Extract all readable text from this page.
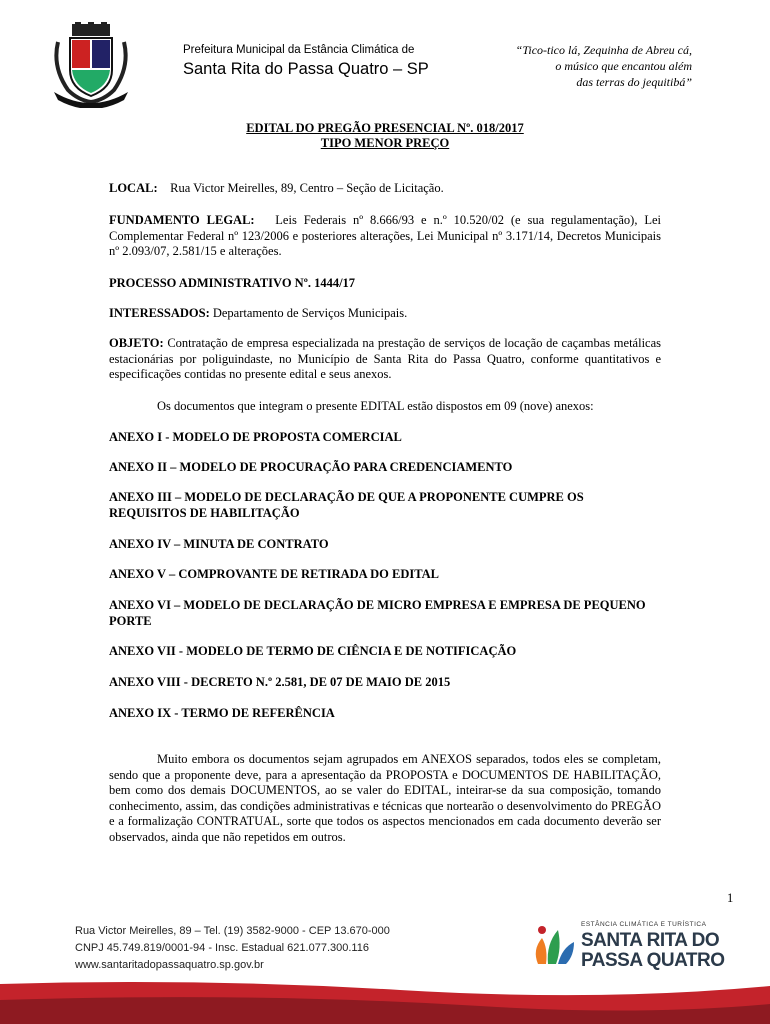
Prefeitura Municipal da Estância Climática de
Santa Rita do Passa Quatro – SP
“Tico-tico lá, Zequinha de Abreu cá,
o músico que encantou além
das terras do jequitibá”
EDITAL DO PREGÃO PRESENCIAL Nº. 018/2017
TIPO MENOR PREÇO

LOCAL: Rua Victor Meirelles, 89, Centro – Seção de Licitação.

FUNDAMENTO LEGAL: Leis Federais nº 8.666/93 e n.º 10.520/02 (e sua regulamentação), Lei Complementar Federal nº 123/2006 e posteriores alterações, Lei Municipal nº 3.171/14, Decretos Municipais nº 2.093/07, 2.581/15 e alterações.

PROCESSO ADMINISTRATIVO Nº. 1444/17

INTERESSADOS: Departamento de Serviços Municipais.

OBJETO: Contratação de empresa especializada na prestação de serviços de locação de caçambas metálicas estacionárias por poliguindaste, no Município de Santa Rita do Passa Quatro, conforme quantitativos e especificações contidas no presente edital e seus anexos.

Os documentos que integram o presente EDITAL estão dispostos em 09 (nove) anexos:

ANEXO I - MODELO DE PROPOSTA COMERCIAL
ANEXO II – MODELO DE PROCURAÇÃO PARA CREDENCIAMENTO
ANEXO III – MODELO DE DECLARAÇÃO DE QUE A PROPONENTE CUMPRE OS REQUISITOS DE HABILITAÇÃO
ANEXO IV – MINUTA DE CONTRATO
ANEXO V – COMPROVANTE DE RETIRADA DO EDITAL
ANEXO VI – MODELO DE DECLARAÇÃO DE MICRO EMPRESA E EMPRESA DE PEQUENO PORTE
ANEXO VII - MODELO DE TERMO DE CIÊNCIA E DE NOTIFICAÇÃO
ANEXO VIII - DECRETO N.º 2.581, DE 07 DE MAIO DE 2015
ANEXO IX - TERMO DE REFERÊNCIA

Muito embora os documentos sejam agrupados em ANEXOS separados, todos eles se completam, sendo que a proponente deve, para a apresentação da PROPOSTA e DOCUMENTOS DE HABILITAÇÃO, bem como dos demais DOCUMENTOS, ao se valer do EDITAL, inteirar-se da sua composição, tomando conhecimento, assim, das condições administrativas e técnicas que nortearão o desenvolvimento do PREGÃO e a formalização CONTRATUAL, sorte que todos os aspectos mencionados em cada documento deverão ser observados, ainda que não repetidos em outros.

1
Rua Victor Meirelles, 89 – Tel. (19) 3582-9000 - CEP 13.670-000
CNPJ 45.749.819/0001-94 - Insc. Estadual 621.077.300.116
www.santaritadopassaquatro.sp.gov.br
ESTÂNCIA CLIMÁTICA E TURÍSTICA
SANTA RITA DO
PASSA QUATRO
